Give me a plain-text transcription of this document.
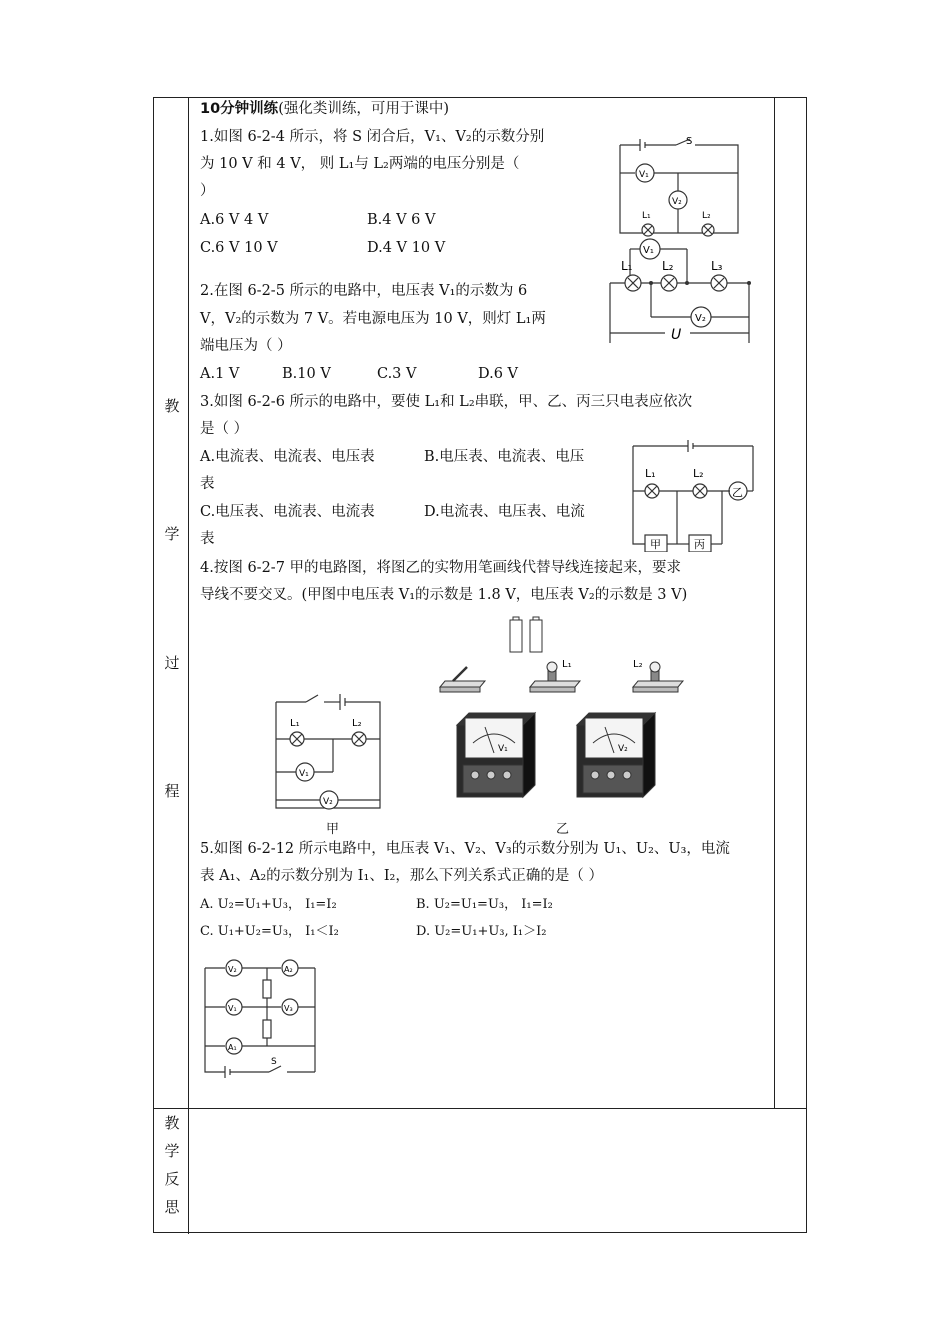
教
学
过
程
教
学
反
思
10分钟训练(强化类训练，可用于课中)
1.如图 6-2-4 所示，将 S 闭合后，V₁、V₂的示数分别
为 10 V 和 4 V， 则 L₁与 L₂两端的电压分别是（
）
A.6 V 4 V	B.4 V 6 V
C.6 V 10 V	D.4 V 10 V
S
V₁
V₂
L₁	L₂
V₁
V₂
L₁ L₂	L₃
U
2.在图 6-2-5 所示的电路中，电压表 V₁的示数为 6
V，V₂的示数为 7 V。若电源电压为 10 V，则灯 L₁两
端电压为（ ）
A.1 V	B.10 V	C.3 V	D.6 V
3.如图 6-2-6 所示的电路中，要使 L₁和 L₂串联，甲、乙、丙三只电表应依次
是（ ）
A.电流表、电流表、电压表	B.电压表、电流表、电压
表
C.电压表、电流表、电流表	D.电流表、电压表、电流
表
L₁	L₂
乙
甲	丙
4.按图 6-2-7 甲的电路图，将图乙的实物用笔画线代替导线连接起来，要求
导线不要交叉。(甲图中电压表 V₁的示数是 1.8 V，电压表 V₂的示数是 3 V)
L₁	L₂
V₁
V₂
甲
L₁	L₂
V₁	V₂
乙
5.如图 6-2-12 所示电路中，电压表 V₁、V₂、V₃的示数分别为 U₁、U₂、U₃，电流
表 A₁、A₂的示数分别为 I₁、I₂，那么下列关系式正确的是（ ）
A. U₂=U₁+U₃， I₁=I₂	B. U₂=U₁=U₃， I₁=I₂
C. U₁+U₂=U₃， I₁＜I₂	D. U₂=U₁+U₃, I₁＞I₂
V₂	A₂
V₁	V₃
A₁
S
